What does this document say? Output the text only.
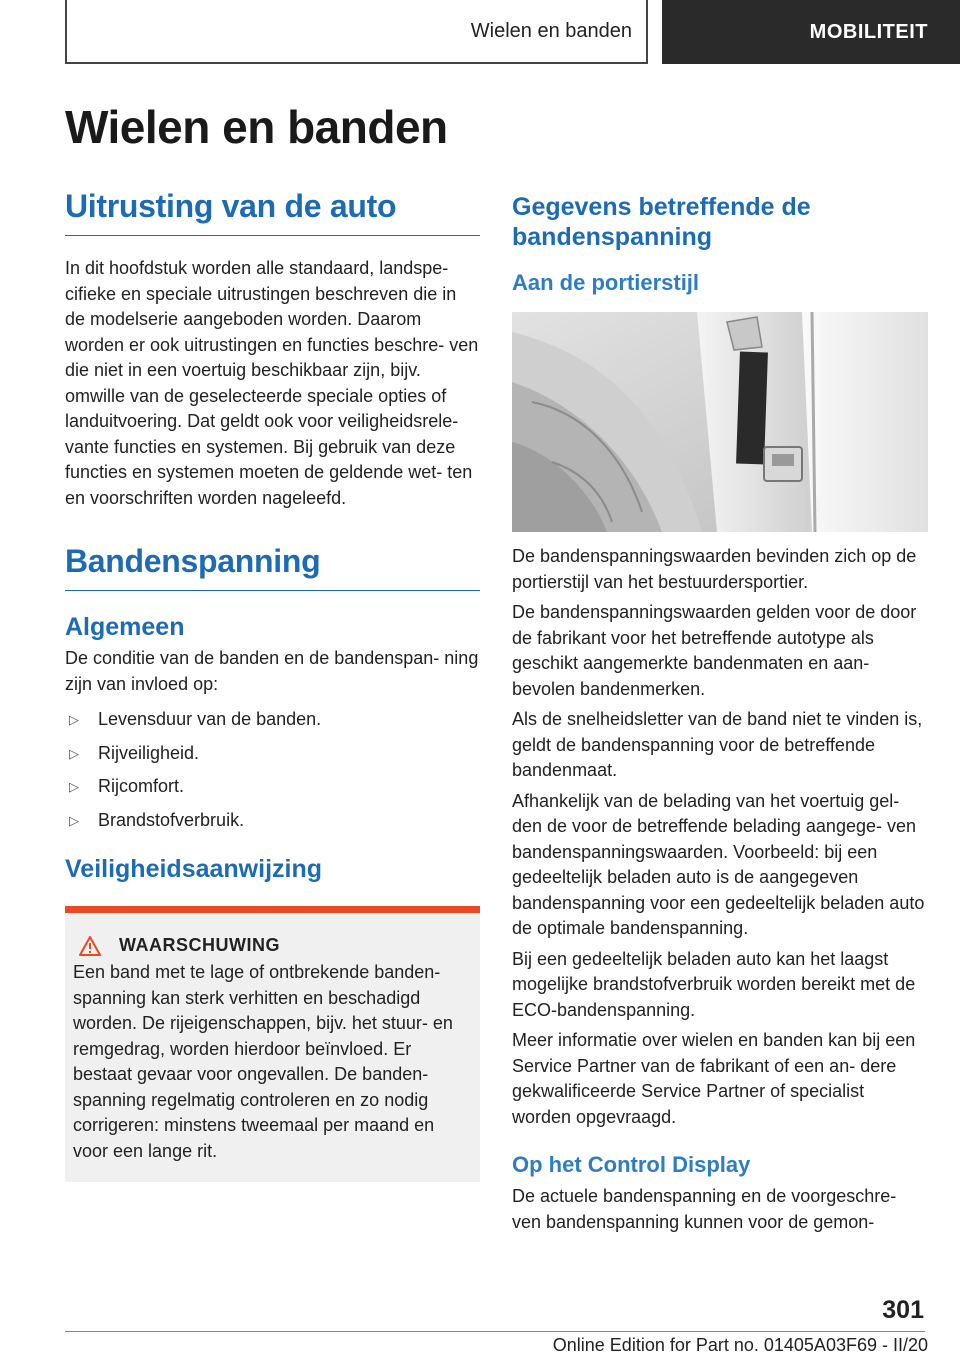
Wielen en banden	MOBILITEIT
Wielen en banden
Uitrusting van de auto

In dit hoofdstuk worden alle standaard, landspe‑ cifieke en speciale uitrustingen beschreven die in de modelserie aangeboden worden. Daarom worden er ook uitrustingen en functies beschre‑ ven die niet in een voertuig beschikbaar zijn, bijv. omwille van de geselecteerde speciale opties of landuitvoering. Dat geldt ook voor veiligheidsrele‑ vante functies en systemen. Bij gebruik van deze functies en systemen moeten de geldende wet‑ ten en voorschriften worden nageleefd.

Bandenspanning
Algemeen

De conditie van de banden en de bandenspan‑ ning zijn van invloed op:

▷	Levensduur van de banden.
▷	Rijveiligheid.
▷	Rijcomfort.
▷	Brandstofverbruik.
Veiligheidsaanwijzing
WAARSCHUWING

Een band met te lage of ontbrekende banden‑ spanning kan sterk verhitten en beschadigd worden. De rijeigenschappen, bijv. het stuur‑ en remgedrag, worden hierdoor beïnvloed. Er bestaat gevaar voor ongevallen. De banden‑ spanning regelmatig controleren en zo nodig corrigeren: minstens tweemaal per maand en voor een lange rit.

Gegevens betreffende de bandenspanning
Aan de portierstijl

De bandenspanningswaarden bevinden zich op de portierstijl van het bestuurdersportier.

De bandenspanningswaarden gelden voor de door de fabrikant voor het betreffende autotype als geschikt aangemerkte bandenmaten en aan‑ bevolen bandenmerken.

Als de snelheidsletter van de band niet te vinden is, geldt de bandenspanning voor de betreffende bandenmaat.

Afhankelijk van de belading van het voertuig gel‑ den de voor de betreffende belading aangege‑ ven bandenspanningswaarden. Voorbeeld: bij een gedeeltelijk beladen auto is de aangegeven bandenspanning voor een gedeeltelijk beladen auto de optimale bandenspanning.

Bij een gedeeltelijk beladen auto kan het laagst mogelijke brandstofverbruik worden bereikt met de ECO‑bandenspanning.

Meer informatie over wielen en banden kan bij een Service Partner van de fabrikant of een an‑ dere gekwalificeerde Service Partner of specialist worden opgevraagd.

Op het Control Display

De actuele bandenspanning en de voorgeschre‑ ven bandenspanning kunnen voor de gemon‑

301
Online Edition for Part no. 01405A03F69 - II/20
